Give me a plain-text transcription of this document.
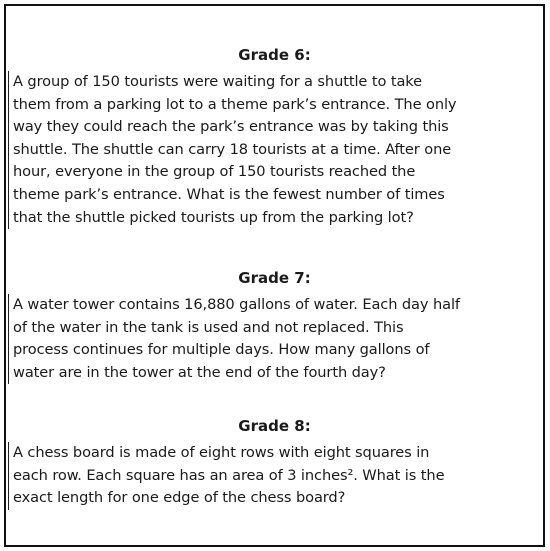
Grade 6:

A group of 150 tourists were waiting for a shuttle to take
them from a parking lot to a theme park’s entrance. The only
way they could reach the park’s entrance was by taking this
shuttle. The shuttle can carry 18 tourists at a time. After one
hour, everyone in the group of 150 tourists reached the
theme park’s entrance. What is the fewest number of times
that the shuttle picked tourists up from the parking lot?

Grade 7:

A water tower contains 16,880 gallons of water. Each day half
of the water in the tank is used and not replaced. This
process continues for multiple days. How many gallons of
water are in the tower at the end of the fourth day?

Grade 8:

A chess board is made of eight rows with eight squares in
each row. Each square has an area of 3 inches². What is the
exact length for one edge of the chess board?
